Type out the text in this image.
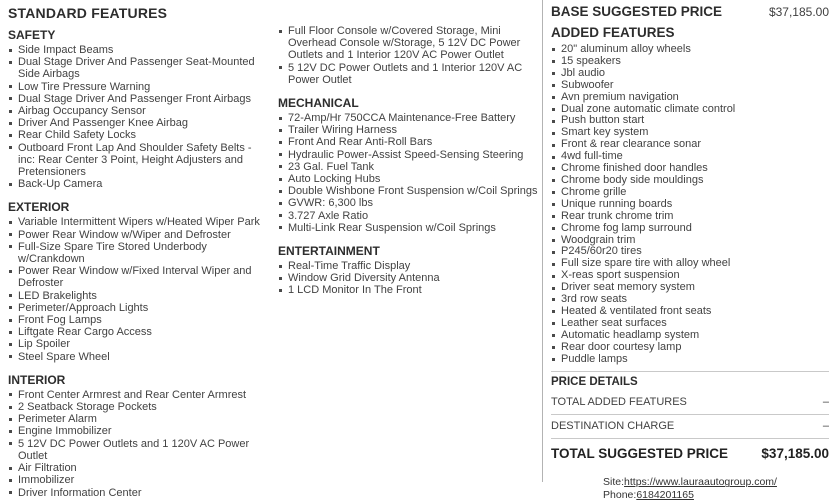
STANDARD FEATURES
SAFETY
Side Impact Beams
Dual Stage Driver And Passenger Seat-Mounted Side Airbags
Low Tire Pressure Warning
Dual Stage Driver And Passenger Front Airbags
Airbag Occupancy Sensor
Driver And Passenger Knee Airbag
Rear Child Safety Locks
Outboard Front Lap And Shoulder Safety Belts -inc: Rear Center 3 Point, Height Adjusters and Pretensioners
Back-Up Camera
EXTERIOR
Variable Intermittent Wipers w/Heated Wiper Park
Power Rear Window w/Wiper and Defroster
Full-Size Spare Tire Stored Underbody w/Crankdown
Power Rear Window w/Fixed Interval Wiper and Defroster
LED Brakelights
Perimeter/Approach Lights
Front Fog Lamps
Liftgate Rear Cargo Access
Lip Spoiler
Steel Spare Wheel
INTERIOR
Front Center Armrest and Rear Center Armrest
2 Seatback Storage Pockets
Perimeter Alarm
Engine Immobilizer
5 12V DC Power Outlets and 1 120V AC Power Outlet
Air Filtration
Immobilizer
Driver Information Center
Full Floor Console w/Covered Storage, Mini Overhead Console w/Storage, 5 12V DC Power Outlets and 1 Interior 120V AC Power Outlet
5 12V DC Power Outlets and 1 Interior 120V AC Power Outlet
MECHANICAL
72-Amp/Hr 750CCA Maintenance-Free Battery
Trailer Wiring Harness
Front And Rear Anti-Roll Bars
Hydraulic Power-Assist Speed-Sensing Steering
23 Gal. Fuel Tank
Auto Locking Hubs
Double Wishbone Front Suspension w/Coil Springs
GVWR: 6,300 lbs
3.727 Axle Ratio
Multi-Link Rear Suspension w/Coil Springs
ENTERTAINMENT
Real-Time Traffic Display
Window Grid Diversity Antenna
1 LCD Monitor In The Front
BASE SUGGESTED PRICE	$37,185.00
ADDED FEATURES
20" aluminum alloy wheels
15 speakers
Jbl audio
Subwoofer
Avn premium navigation
Dual zone automatic climate control
Push button start
Smart key system
Front & rear clearance sonar
4wd full-time
Chrome finished door handles
Chrome body side mouldings
Chrome grille
Unique running boards
Rear trunk chrome trim
Chrome fog lamp surround
Woodgrain trim
P245/60r20 tires
Full size spare tire with alloy wheel
X-reas sport suspension
Driver seat memory system
3rd row seats
Heated & ventilated front seats
Leather seat surfaces
Automatic headlamp system
Rear door courtesy lamp
Puddle lamps
PRICE DETAILS
TOTAL ADDED FEATURES	–
DESTINATION CHARGE	–
TOTAL SUGGESTED PRICE $37,185.00
Site:https://www.lauraautogroup.com/
Phone:6184201165
